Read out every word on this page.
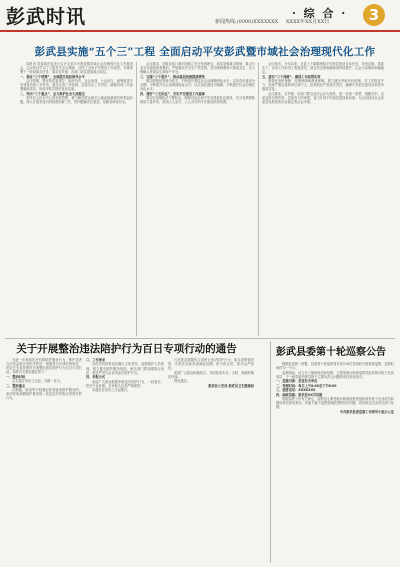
彭武时讯	新闻热线:(0000)XXXXXXX XXXX年XX月XX日
· 综 合 ·	3
彭武县实施“五个三”工程 全面启动平安彭武暨市域社会治理现代化工作

本报讯 县委政法委近日召开全县平安建设暨市域社会治理现代化工作推进会，会议传达学习了上级有关会议精神，总结了全县平安建设工作成效，安排部署下一阶段重点任务，要求各乡镇、各部门切实提高政治站位。

一、强化“三个统筹”，全面提升组织领导水平

会议强调，要坚持党委领导、政府负责、社会协同、公众参与，统筹推进平安建设各项工作任务，健全完善工作机制，层层压实工作责任，确保各项工作部署落地见效，形成齐抓共管的良好局面。

二、突出“三个重点”，全力维护社会大局稳定

坚持以人民为中心的发展思想，着力解决群众最关心最直接最现实的利益问题，深入开展矛盾纠纷排查化解工作，把问题解决在基层、化解在萌芽状态。

会议要求，各级各部门要牢固树立安全发展理念，切实加强重点领域、重点行业安全隐患排查整治，严格落实安全生产责任制，坚决遏制重特大事故发生，全力保障人民群众生命财产安全。

三、实施“三个提升”，推动基层治理提质增效

要以网格化管理为抓手，不断提升基层社会治理精细化水平；以信息化建设为支撑，不断提升社会治理智能化水平；以法治化建设为保障，不断提升社会治理法治化水平。

四、建好“三支队伍”，夯实平安建设工作基础

要切实加强政法干警队伍、网格员队伍和平安志愿者队伍建设，充分发挥群防群治力量作用，营造人人参与、人人共享的平安建设浓厚氛围。

会议指出，今年以来，全县上下紧紧围绕平安彭武建设目标任务，攻坚克难、真抓实干，各项工作取得了明显成效，群众安全感和满意度持续提升，社会大局保持和谐稳定。

五、落实“三个保障”，确保工作取得实效

要强化组织保障、经费保障和督查保障，建立健全考核评价机制，对工作推进不力、造成严重后果的单位和个人，依规依纪严肃追究责任，确保平安彭武建设各项任务落到实处。

会议要求，各乡镇、各部门要以此次会议为契机，进一步统一思想、凝聚共识，以更加务实的作风、更加有力的举措，奋力开创平安彭武建设新局面，为全县经济社会高质量发展营造安全稳定的社会环境。

关于开展整治违法陪护行为百日专项行动的通告

为进一步规范医疗机构陪护服务行为，维护患者合法权益和正常医疗秩序，根据有关法律法规规定，决定在全县范围内开展整治违法陪护行为百日专项行动。现将有关事项通告如下：

一、整治时间

自本通告发布之日起，为期一百天。

二、整治重点

以欺骗、胁迫等手段强迫患者接受陪护服务的；非法收取高额陪护费用的；扰乱医疗机构正常秩序的行为。

三、工作要求

各医疗机构要切实履行主体责任，加强陪护人员管理，建立健全陪护服务规范。相关部门要加强联合执法，依法严厉打击各类违法陪护行为。

四、举报方式

欢迎广大群众积极举报违法陪护行为，一经查实，依法予以处理，对举报人信息严格保密。

本通告自发布之日起施行。

凡在规定期限内主动停止违法陪护行为、如实说明情况的，可依法从轻或者减轻处理；拒不停止的，依法从严惩处。

希望广大群众积极配合，共同营造安全、文明、和谐的就医环境。

特此通告。

彭武县公安局 彭武县卫生健康局

彭武县委第十轮巡察公告

根据县委统一部署，县委第十轮巡察将对部分单位党组织开展常规巡察，巡察时间约为一个月。

巡察期间，设立专门值班电话和信箱，主要受理反映被巡察党组织领导班子及其成员、下一级党组织领导班子主要负责人问题的来信来电来访。

一、巡察对象：县直有关单位

二、受理时间：每日上午8:00至下午6:00

三、值班电话：XXXXXXX

四、邮政信箱：彭武县XX号信箱

根据巡察工作有关规定，巡察组主要受理反映被巡察党组织领导班子及其成员问题的来信来电来访，其他不属于巡察受理范围的信访问题，将按规定交由有关部门处理。

中共彭武县委巡察工作领导小组办公室
